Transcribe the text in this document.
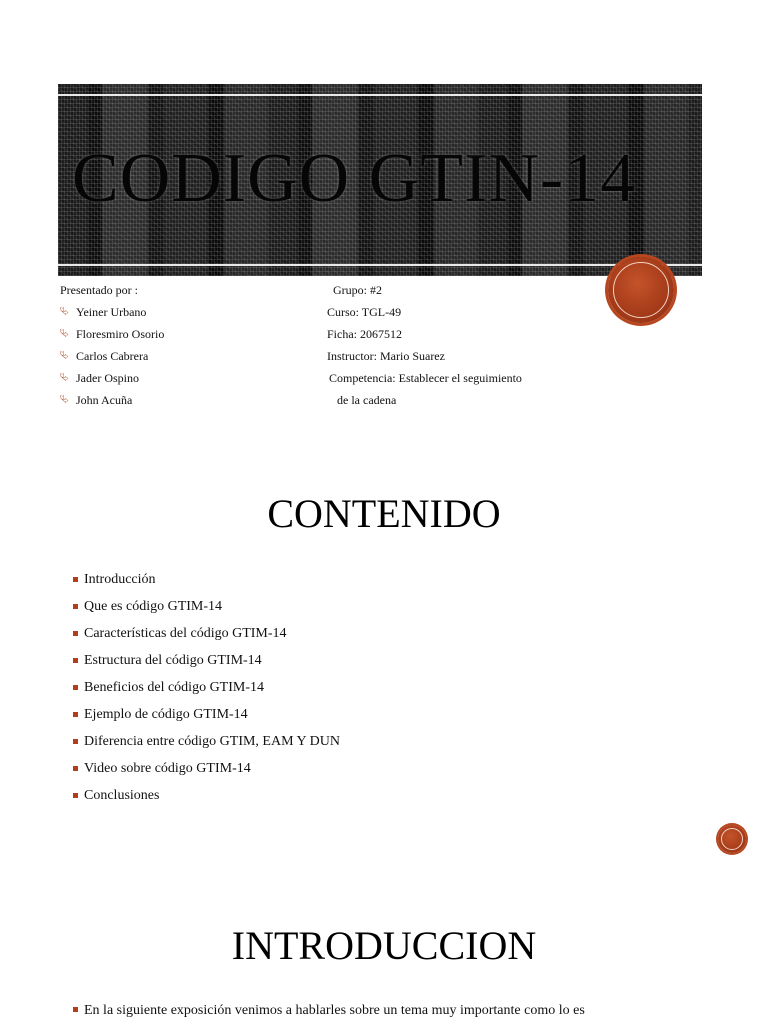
CODIGO GTIN-14
Presentado por :
⮱ Yeiner Urbano
⮱ Floresmiro Osorio
⮱ Carlos Cabrera
⮱ Jader Ospino
⮱ John Acuña
Grupo: #2
Curso: TGL-49
Ficha: 2067512
Instructor: Mario Suarez
Competencia: Establecer el seguimiento
de la cadena
CONTENIDO
Introducción
Que es código GTIM-14
Características del código GTIM-14
Estructura del código GTIM-14
Beneficios del código GTIM-14
Ejemplo de código GTIM-14
Diferencia entre código GTIM, EAM Y DUN
Video sobre código GTIM-14
Conclusiones
INTRODUCCION
En la siguiente exposición venimos a hablarles sobre un tema muy importante como lo es
